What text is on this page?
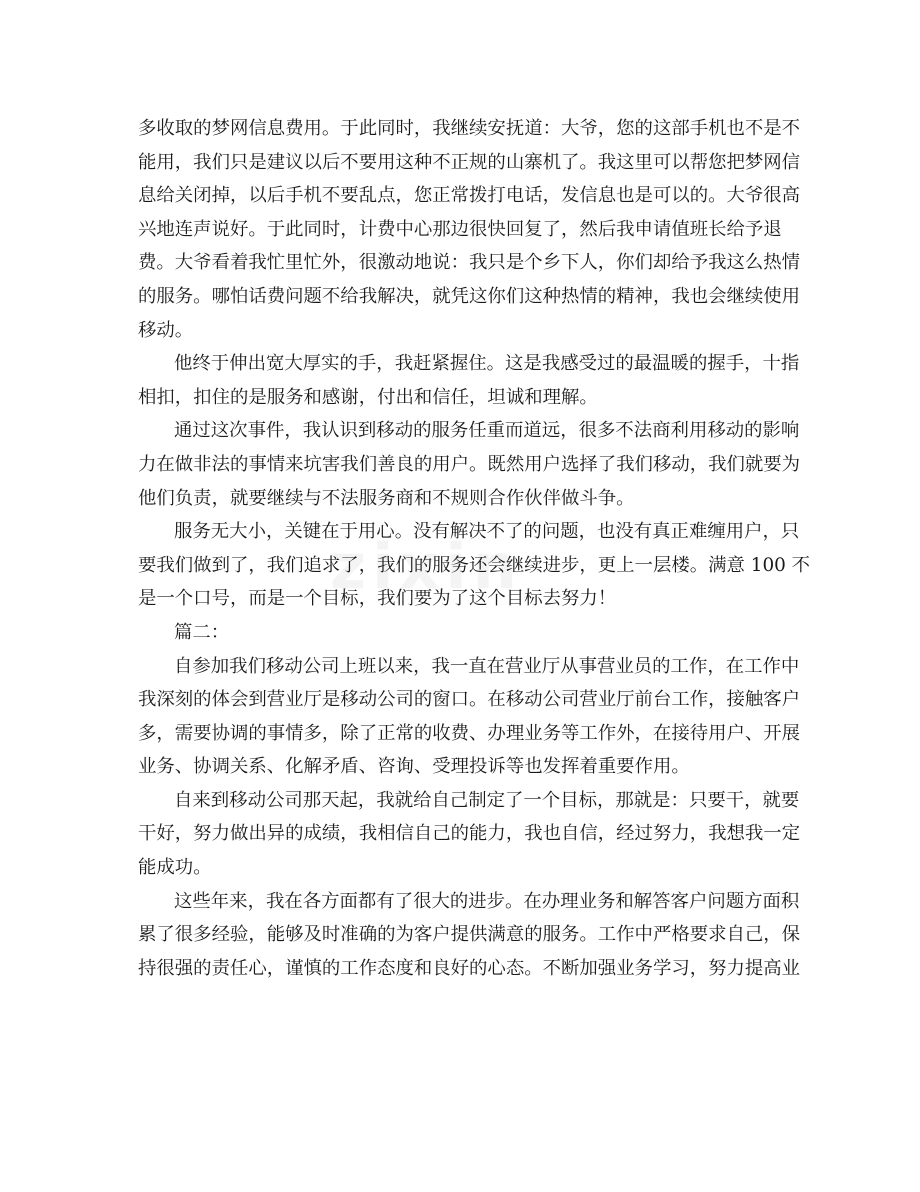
zixin
多收取的梦网信息费用。于此同时，我继续安抚道：大爷，您的这部手机也不是不
能用，我们只是建议以后不要用这种不正规的山寨机了。我这里可以帮您把梦网信
息给关闭掉，以后手机不要乱点，您正常拨打电话，发信息也是可以的。大爷很高
兴地连声说好。于此同时，计费中心那边很快回复了，然后我申请值班长给予退
费。大爷看着我忙里忙外，很激动地说：我只是个乡下人，你们却给予我这么热情
的服务。哪怕话费问题不给我解决，就凭这你们这种热情的精神，我也会继续使用
移动。
他终于伸出宽大厚实的手，我赶紧握住。这是我感受过的最温暖的握手，十指
相扣，扣住的是服务和感谢，付出和信任，坦诚和理解。
通过这次事件，我认识到移动的服务任重而道远，很多不法商利用移动的影响
力在做非法的事情来坑害我们善良的用户。既然用户选择了我们移动，我们就要为
他们负责，就要继续与不法服务商和不规则合作伙伴做斗争。
服务无大小，关键在于用心。没有解决不了的问题，也没有真正难缠用户，只
要我们做到了，我们追求了，我们的服务还会继续进步，更上一层楼。满意 100 不
是一个口号，而是一个目标，我们要为了这个目标去努力！
篇二：
自参加我们移动公司上班以来，我一直在营业厅从事营业员的工作，在工作中
我深刻的体会到营业厅是移动公司的窗口。在移动公司营业厅前台工作，接触客户
多，需要协调的事情多，除了正常的收费、办理业务等工作外，在接待用户、开展
业务、协调关系、化解矛盾、咨询、受理投诉等也发挥着重要作用。
自来到移动公司那天起，我就给自己制定了一个目标，那就是：只要干，就要
干好，努力做出异的成绩，我相信自己的能力，我也自信，经过努力，我想我一定
能成功。
这些年来，我在各方面都有了很大的进步。在办理业务和解答客户问题方面积
累了很多经验，能够及时准确的为客户提供满意的服务。工作中严格要求自己，保
持很强的责任心，谨慎的工作态度和良好的心态。不断加强业务学习，努力提高业
